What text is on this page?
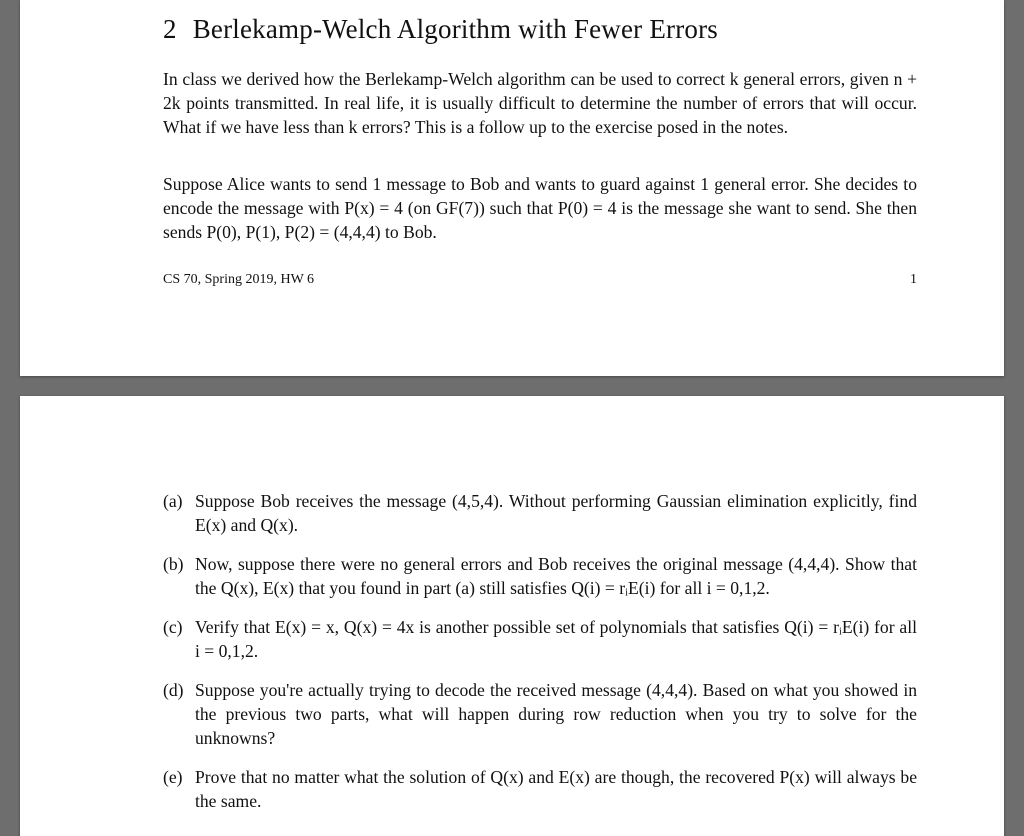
2 Berlekamp-Welch Algorithm with Fewer Errors

In class we derived how the Berlekamp-Welch algorithm can be used to correct k general errors, given n + 2k points transmitted. In real life, it is usually difficult to determine the number of errors that will occur. What if we have less than k errors? This is a follow up to the exercise posed in the notes.

Suppose Alice wants to send 1 message to Bob and wants to guard against 1 general error. She decides to encode the message with P(x) = 4 (on GF(7)) such that P(0) = 4 is the message she want to send. She then sends P(0), P(1), P(2) = (4,4,4) to Bob.

CS 70, Spring 2019, HW 6	1
(a) Suppose Bob receives the message (4,5,4). Without performing Gaussian elimination explicitly, find E(x) and Q(x).
(b) Now, suppose there were no general errors and Bob receives the original message (4,4,4). Show that the Q(x), E(x) that you found in part (a) still satisfies Q(i) = rᵢE(i) for all i = 0,1,2.
(c) Verify that E(x) = x, Q(x) = 4x is another possible set of polynomials that satisfies Q(i) = rᵢE(i) for all i = 0,1,2.
(d) Suppose you're actually trying to decode the received message (4,4,4). Based on what you showed in the previous two parts, what will happen during row reduction when you try to solve for the unknowns?
(e) Prove that no matter what the solution of Q(x) and E(x) are though, the recovered P(x) will always be the same.
